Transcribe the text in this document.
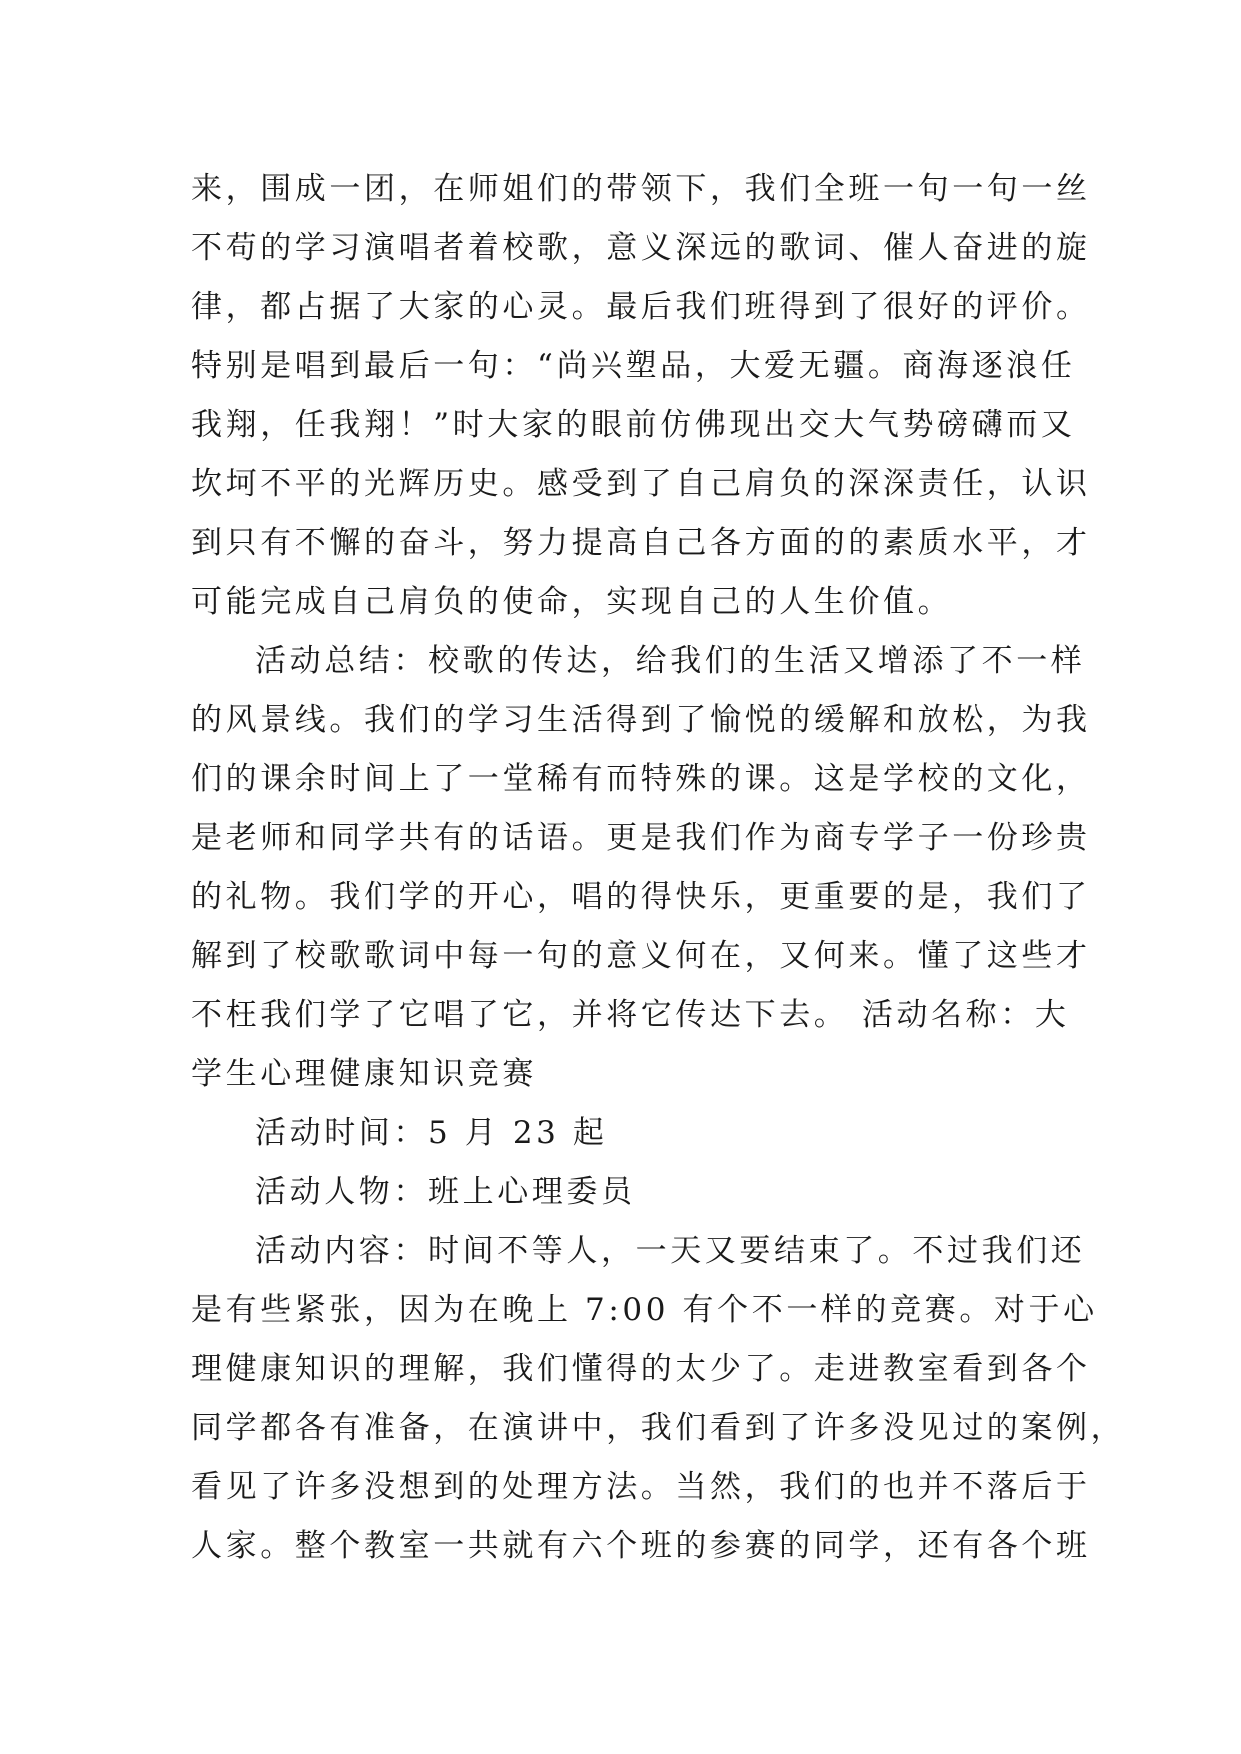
来，围成一团，在师姐们的带领下，我们全班一句一句一丝
不苟的学习演唱者着校歌，意义深远的歌词、催人奋进的旋
律，都占据了大家的心灵。最后我们班得到了很好的评价。
特别是唱到最后一句：“尚兴塑品，大爱无疆。商海逐浪任
我翔，任我翔！”时大家的眼前仿佛现出交大气势磅礴而又
坎坷不平的光辉历史。感受到了自己肩负的深深责任，认识
到只有不懈的奋斗，努力提高自己各方面的的素质水平，才
可能完成自己肩负的使命，实现自己的人生价值。
活动总结：校歌的传达，给我们的生活又增添了不一样
的风景线。我们的学习生活得到了愉悦的缓解和放松，为我
们的课余时间上了一堂稀有而特殊的课。这是学校的文化，
是老师和同学共有的话语。更是我们作为商专学子一份珍贵
的礼物。我们学的开心，唱的得快乐，更重要的是，我们了
解到了校歌歌词中每一句的意义何在，又何来。懂了这些才
不枉我们学了它唱了它，并将它传达下去。 活动名称：大
学生心理健康知识竞赛
活动时间：5 月 23 起
活动人物：班上心理委员
活动内容：时间不等人，一天又要结束了。不过我们还
是有些紧张，因为在晚上 7:00 有个不一样的竞赛。对于心
理健康知识的理解，我们懂得的太少了。走进教室看到各个
同学都各有准备，在演讲中，我们看到了许多没见过的案例，
看见了许多没想到的处理方法。当然，我们的也并不落后于
人家。整个教室一共就有六个班的参赛的同学，还有各个班
